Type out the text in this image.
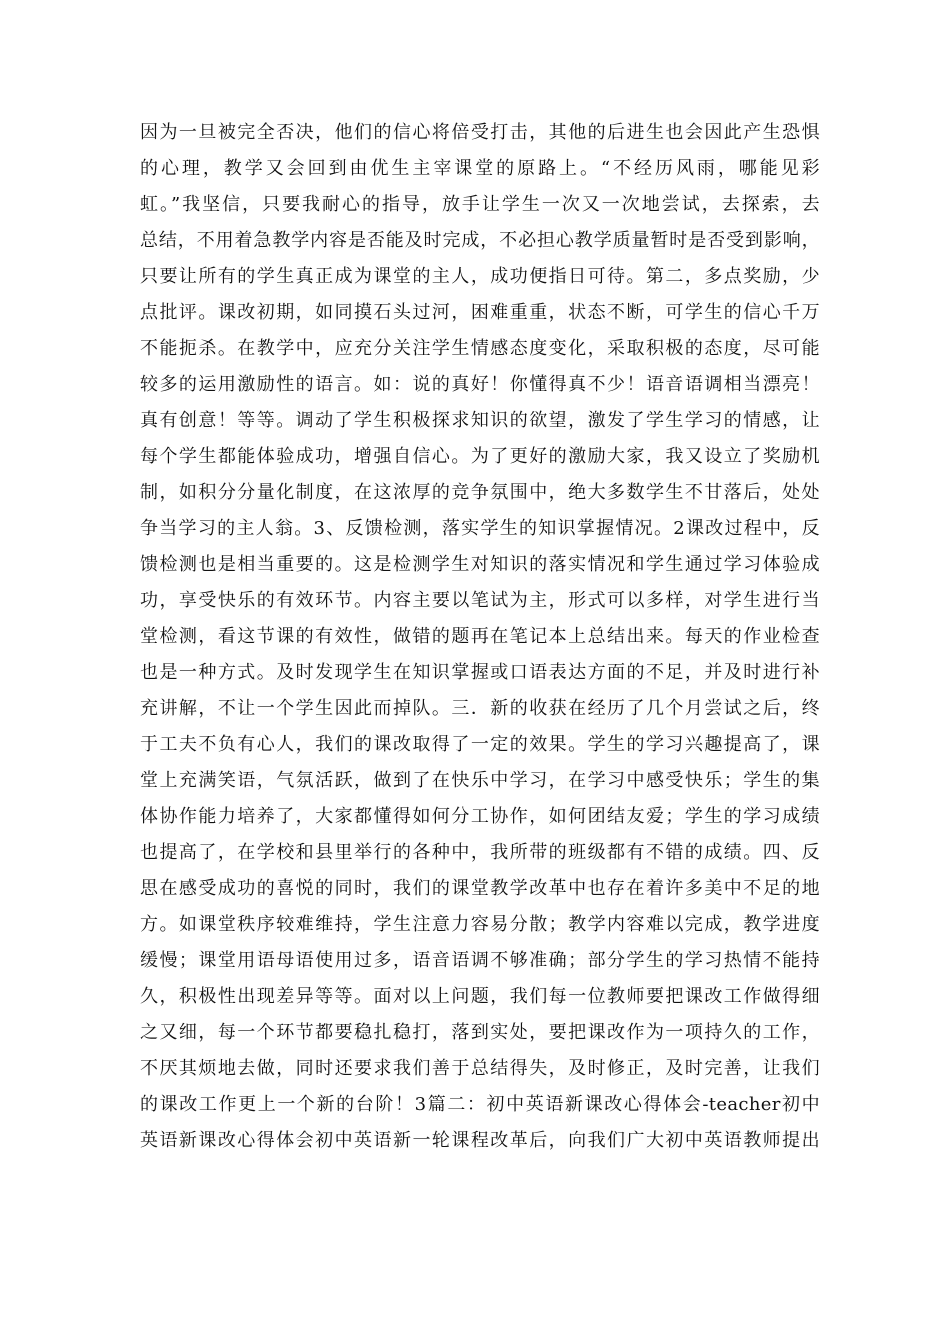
因为一旦被完全否决，他们的信心将倍受打击，其他的后进生也会因此产生恐惧
的心理，教学又会回到由优生主宰课堂的原路上。“不经历风雨，哪能见彩
虹。”我坚信，只要我耐心的指导，放手让学生一次又一次地尝试，去探索，去
总结，不用着急教学内容是否能及时完成，不必担心教学质量暂时是否受到影响，
只要让所有的学生真正成为课堂的主人，成功便指日可待。第二，多点奖励，少
点批评。课改初期，如同摸石头过河，困难重重，状态不断，可学生的信心千万
不能扼杀。在教学中，应充分关注学生情感态度变化，采取积极的态度，尽可能
较多的运用激励性的语言。如：说的真好！你懂得真不少！语音语调相当漂亮！
真有创意！等等。调动了学生积极探求知识的欲望，激发了学生学习的情感，让
每个学生都能体验成功，增强自信心。为了更好的激励大家，我又设立了奖励机
制，如积分分量化制度，在这浓厚的竞争氛围中，绝大多数学生不甘落后，处处
争当学习的主人翁。3、反馈检测，落实学生的知识掌握情况。2课改过程中，反
馈检测也是相当重要的。这是检测学生对知识的落实情况和学生通过学习体验成
功，享受快乐的有效环节。内容主要以笔试为主，形式可以多样，对学生进行当
堂检测，看这节课的有效性，做错的题再在笔记本上总结出来。每天的作业检查
也是一种方式。及时发现学生在知识掌握或口语表达方面的不足，并及时进行补
充讲解，不让一个学生因此而掉队。三．新的收获在经历了几个月尝试之后，终
于工夫不负有心人，我们的课改取得了一定的效果。学生的学习兴趣提高了，课
堂上充满笑语，气氛活跃，做到了在快乐中学习，在学习中感受快乐；学生的集
体协作能力培养了，大家都懂得如何分工协作，如何团结友爱；学生的学习成绩
也提高了，在学校和县里举行的各种中，我所带的班级都有不错的成绩。四、反
思在感受成功的喜悦的同时，我们的课堂教学改革中也存在着许多美中不足的地
方。如课堂秩序较难维持，学生注意力容易分散；教学内容难以完成，教学进度
缓慢；课堂用语母语使用过多，语音语调不够准确；部分学生的学习热情不能持
久，积极性出现差异等等。面对以上问题，我们每一位教师要把课改工作做得细
之又细，每一个环节都要稳扎稳打，落到实处，要把课改作为一项持久的工作，
不厌其烦地去做，同时还要求我们善于总结得失，及时修正，及时完善，让我们
的课改工作更上一个新的台阶！3篇二：初中英语新课改心得体会-teacher初中
英语新课改心得体会初中英语新一轮课程改革后，向我们广大初中英语教师提出
